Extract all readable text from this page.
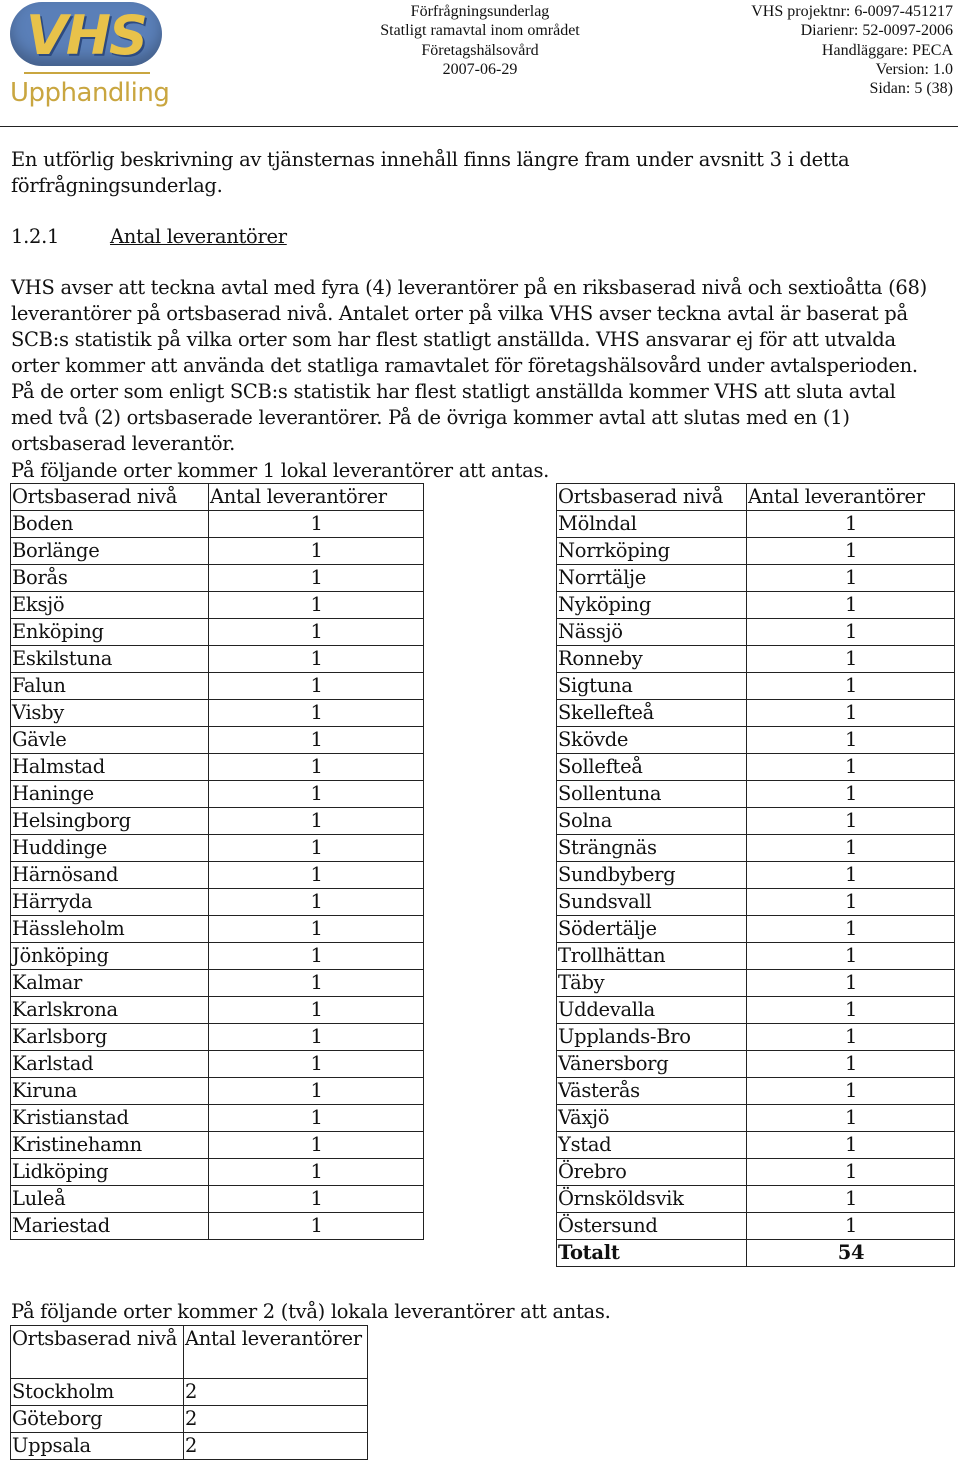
VHS
Upphandling
Förfrågningsunderlag
Statligt ramavtal inom området
Företagshälsovård
2007-06-29
VHS projektnr: 6-0097-451217
Diarienr: 52-0097-2006
Handläggare: PECA
Version: 1.0
Sidan: 5 (38)
En utförlig beskrivning av tjänsternas innehåll finns längre fram under avsnitt 3 i detta förfrågningsunderlag.
1.2.1	Antal leverantörer
VHS avser att teckna avtal med fyra (4) leverantörer på en riksbaserad nivå och sextioåtta (68) leverantörer på ortsbaserad nivå. Antalet orter på vilka VHS avser teckna avtal är baserat på SCB:s statistik på vilka orter som har flest statligt anställda. VHS ansvarar ej för att utvalda orter kommer att använda det statliga ramavtalet för företagshälsovård under avtalsperioden. På de orter som enligt SCB:s statistik har flest statligt anställda kommer VHS att sluta avtal med två (2) ortsbaserade leverantörer. På de övriga kommer avtal att slutas med en (1) ortsbaserad leverantör.
På följande orter kommer 1 lokal leverantörer att antas.
Ortsbaserad nivå	Antal leverantörer
Boden	1
Borlänge	1
Borås	1
Eksjö	1
Enköping	1
Eskilstuna	1
Falun	1
Visby	1
Gävle	1
Halmstad	1
Haninge	1
Helsingborg	1
Huddinge	1
Härnösand	1
Härryda	1
Hässleholm	1
Jönköping	1
Kalmar	1
Karlskrona	1
Karlsborg	1
Karlstad	1
Kiruna	1
Kristianstad	1
Kristinehamn	1
Lidköping	1
Luleå	1
Mariestad	1
Ortsbaserad nivå	Antal leverantörer
Mölndal	1
Norrköping	1
Norrtälje	1
Nyköping	1
Nässjö	1
Ronneby	1
Sigtuna	1
Skellefteå	1
Skövde	1
Sollefteå	1
Sollentuna	1
Solna	1
Strängnäs	1
Sundbyberg	1
Sundsvall	1
Södertälje	1
Trollhättan	1
Täby	1
Uddevalla	1
Upplands-Bro	1
Vänersborg	1
Västerås	1
Växjö	1
Ystad	1
Örebro	1
Örnsköldsvik	1
Östersund	1
Totalt	54
På följande orter kommer 2 (två) lokala leverantörer att antas.
Ortsbaserad nivå	Antal leverantörer
Stockholm	2
Göteborg	2
Uppsala	2
